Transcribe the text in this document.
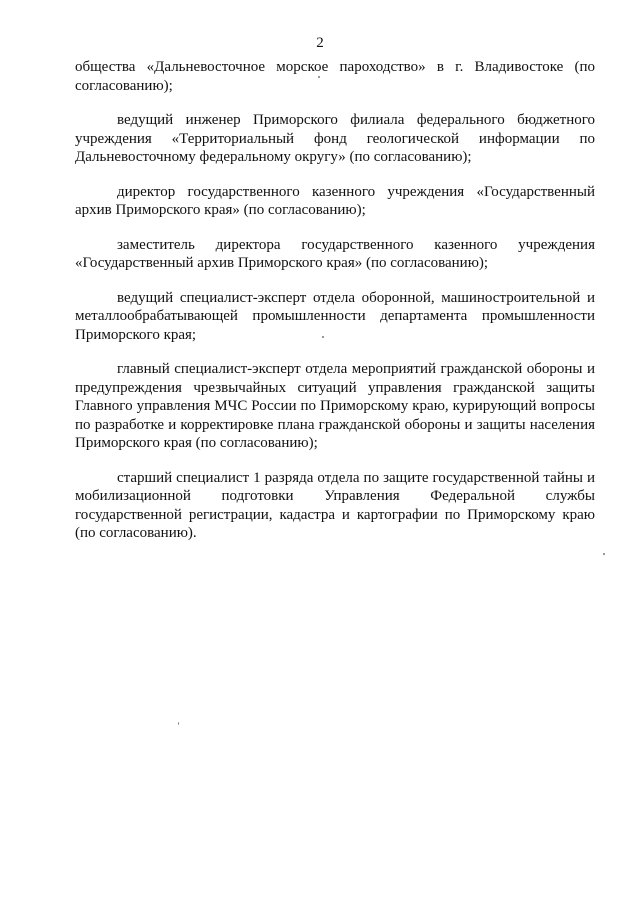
2

общества «Дальневосточное морское пароходство» в г. Владивостоке (по согласованию);

ведущий инженер Приморского филиала федерального бюджетного учреждения «Территориальный фонд геологической информации по Дальневосточному федеральному округу» (по согласованию);

директор государственного казенного учреждения «Государственный архив Приморского края» (по согласованию);

заместитель директора государственного казенного учреждения «Государственный архив Приморского края» (по согласованию);

ведущий специалист-эксперт отдела оборонной, машиностроительной и металлообрабатывающей промышленности департамента промышленности Приморского края;

главный специалист-эксперт отдела мероприятий гражданской обороны и предупреждения чрезвычайных ситуаций управления гражданской защиты Главного управления МЧС России по Приморскому краю, курирующий вопросы по разработке и корректировке плана гражданской обороны и защиты населения Приморского края (по согласованию);

старший специалист 1 разряда отдела по защите государственной тайны и мобилизационной подготовки Управления Федеральной службы государственной регистрации, кадастра и картографии по Приморскому краю (по согласованию).
